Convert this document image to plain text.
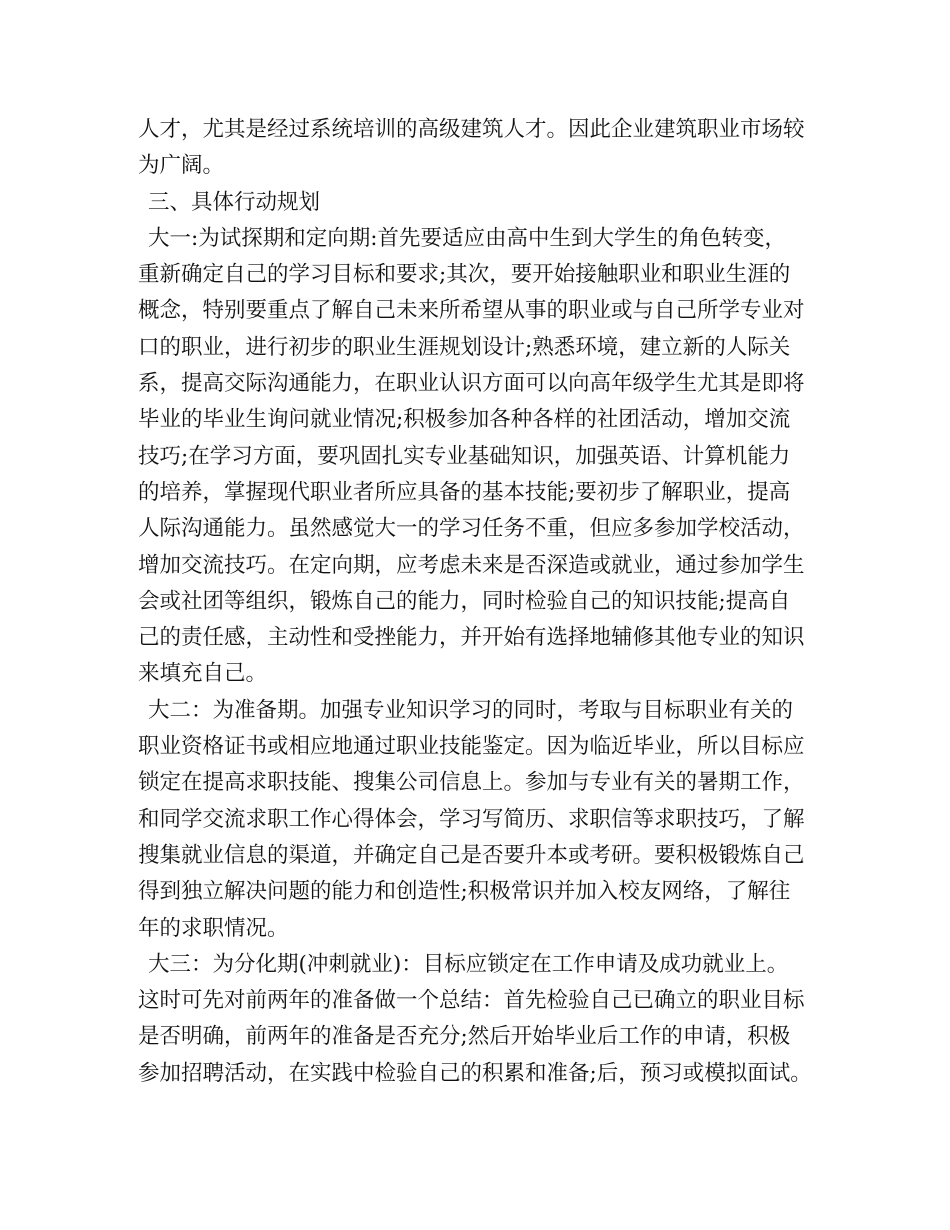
人才，尤其是经过系统培训的高级建筑人才。因此企业建筑职业市场较
为广阔。
三、具体行动规划
大一:为试探期和定向期:首先要适应由高中生到大学生的角色转变，
重新确定自己的学习目标和要求;其次，要开始接触职业和职业生涯的
概念，特别要重点了解自己未来所希望从事的职业或与自己所学专业对
口的职业，进行初步的职业生涯规划设计;熟悉环境，建立新的人际关
系，提高交际沟通能力，在职业认识方面可以向高年级学生尤其是即将
毕业的毕业生询问就业情况;积极参加各种各样的社团活动，增加交流
技巧;在学习方面，要巩固扎实专业基础知识，加强英语、计算机能力
的培养，掌握现代职业者所应具备的基本技能;要初步了解职业，提高
人际沟通能力。虽然感觉大一的学习任务不重，但应多参加学校活动，
增加交流技巧。在定向期，应考虑未来是否深造或就业，通过参加学生
会或社团等组织，锻炼自己的能力，同时检验自己的知识技能;提高自
己的责任感，主动性和受挫能力，并开始有选择地辅修其他专业的知识
来填充自己。
大二：为准备期。加强专业知识学习的同时，考取与目标职业有关的
职业资格证书或相应地通过职业技能鉴定。因为临近毕业，所以目标应
锁定在提高求职技能、搜集公司信息上。参加与专业有关的暑期工作，
和同学交流求职工作心得体会，学习写简历、求职信等求职技巧，了解
搜集就业信息的渠道，并确定自己是否要升本或考研。要积极锻炼自己
得到独立解决问题的能力和创造性;积极常识并加入校友网络，了解往
年的求职情况。
大三：为分化期(冲刺就业)：目标应锁定在工作申请及成功就业上。
这时可先对前两年的准备做一个总结：首先检验自己已确立的职业目标
是否明确，前两年的准备是否充分;然后开始毕业后工作的申请，积极
参加招聘活动，在实践中检验自己的积累和准备;后，预习或模拟面试。
